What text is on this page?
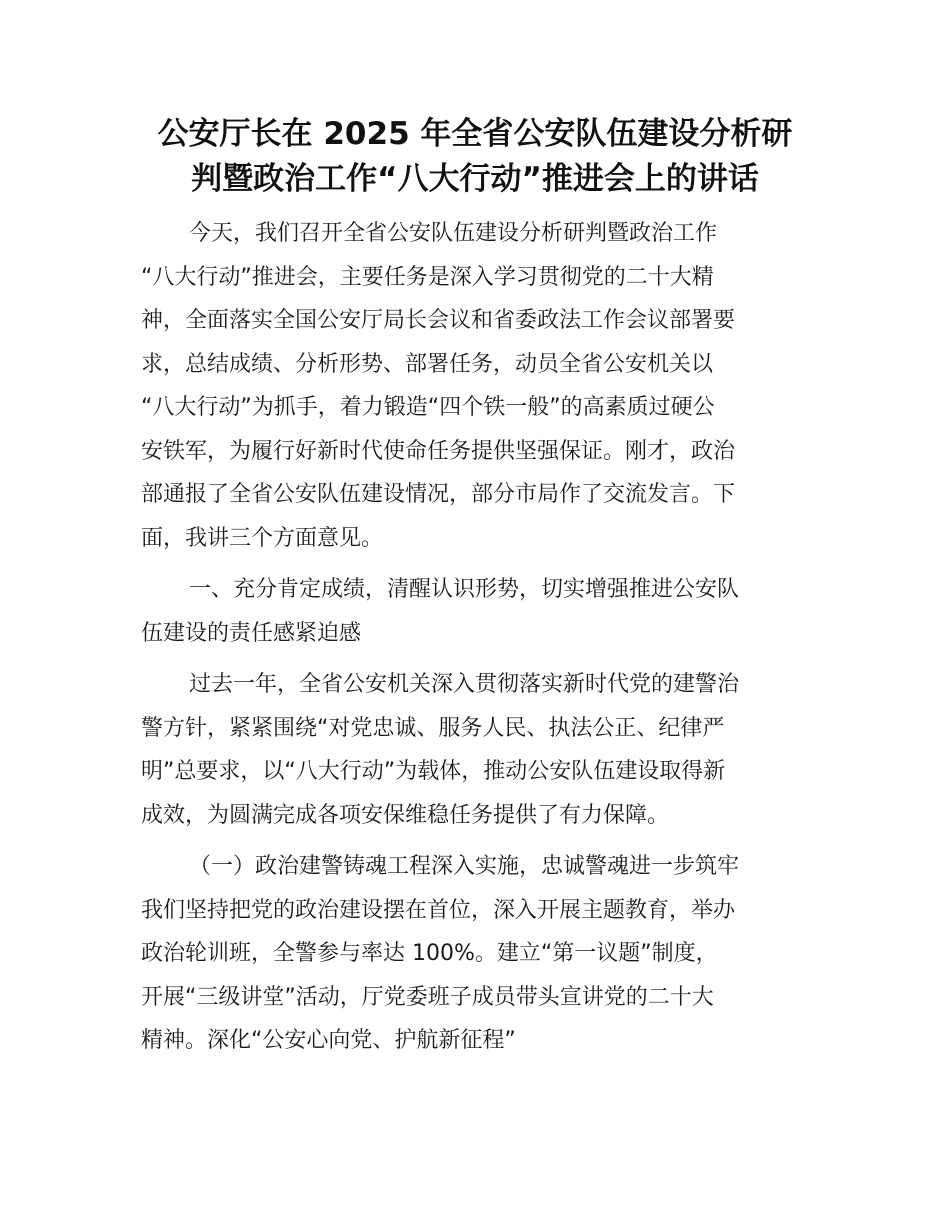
公安厅长在 2025 年全省公安队伍建设分析研
判暨政治工作“八大行动”推进会上的讲话

今天，我们召开全省公安队伍建设分析研判暨政治工作
“八大行动”推进会，主要任务是深入学习贯彻党的二十大精
神，全面落实全国公安厅局长会议和省委政法工作会议部署要
求，总结成绩、分析形势、部署任务，动员全省公安机关以
“八大行动”为抓手，着力锻造“四个铁一般”的高素质过硬公
安铁军，为履行好新时代使命任务提供坚强保证。刚才，政治
部通报了全省公安队伍建设情况，部分市局作了交流发言。下
面，我讲三个方面意见。

一、充分肯定成绩，清醒认识形势，切实增强推进公安队
伍建设的责任感紧迫感

过去一年，全省公安机关深入贯彻落实新时代党的建警治
警方针，紧紧围绕“对党忠诚、服务人民、执法公正、纪律严
明”总要求，以“八大行动”为载体，推动公安队伍建设取得新
成效，为圆满完成各项安保维稳任务提供了有力保障。

（一）政治建警铸魂工程深入实施，忠诚警魂进一步筑牢
我们坚持把党的政治建设摆在首位，深入开展主题教育，举办
政治轮训班，全警参与率达 100%。建立“第一议题”制度，
开展“三级讲堂”活动，厅党委班子成员带头宣讲党的二十大
精神。深化“公安心向党、护航新征程”
